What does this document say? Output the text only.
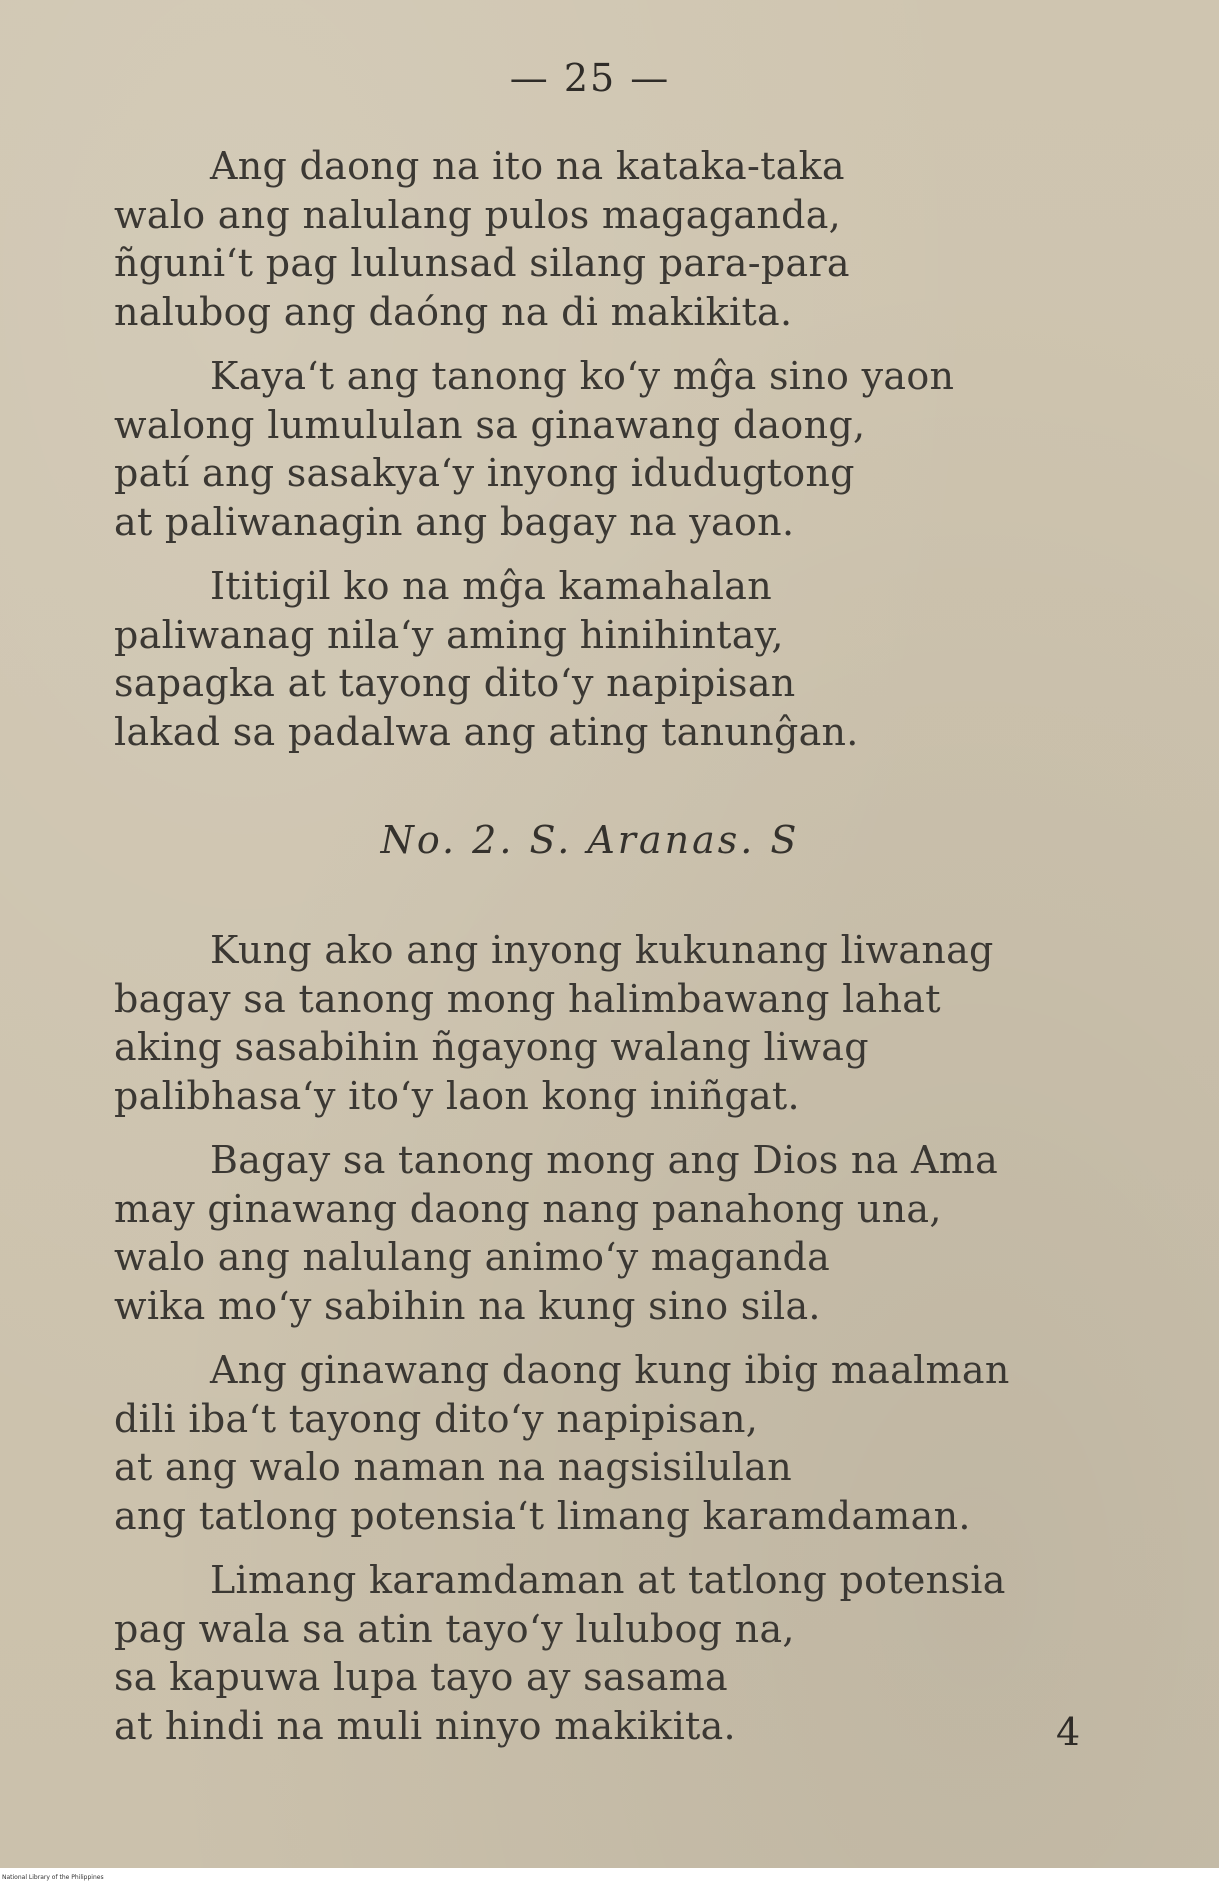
— 25 —
Ang daong na ito na kataka-taka
walo ang nalulang pulos magaganda,
ñguni‘t pag lulunsad silang para-para
nalubog ang daóng na di makikita.
Kaya‘t ang tanong ko‘y mĝa sino yaon
walong lumululan sa ginawang daong,
patí ang sasakya‘y inyong idudugtong
at paliwanagin ang bagay na yaon.
Ititigil ko na mĝa kamahalan
paliwanag nila‘y aming hinihintay,
sapagka at tayong dito‘y napipisan
lakad sa padalwa ang ating tanunĝan.
No. 2. S. Aranas. S
Kung ako ang inyong kukunang liwanag
bagay sa tanong mong halimbawang lahat
aking sasabihin ñgayong walang liwag
palibhasa‘y ito‘y laon kong iniñgat.
Bagay sa tanong mong ang Dios na Ama
may ginawang daong nang panahong una,
walo ang nalulang animo‘y maganda
wika mo‘y sabihin na kung sino sila.
Ang ginawang daong kung ibig maalman
dili iba‘t tayong dito‘y napipisan,
at ang walo naman na nagsisilulan
ang tatlong potensia‘t limang karamdaman.
Limang karamdaman at tatlong potensia
pag wala sa atin tayo‘y lulubog na,
sa kapuwa lupa tayo ay sasama
at hindi na muli ninyo makikita.	4
National Library of the Philippines
